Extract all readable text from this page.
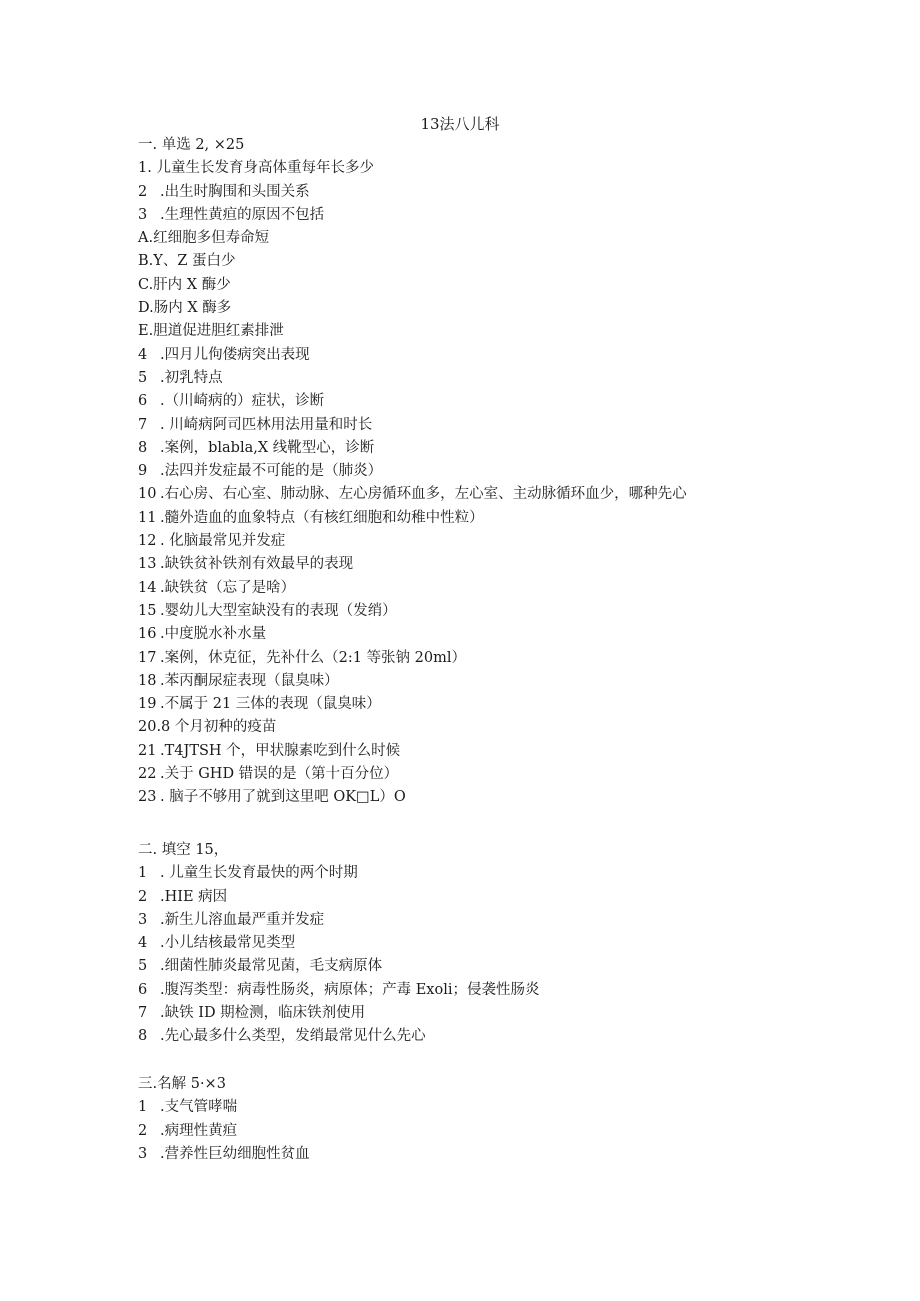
13法八儿科
一. 单选 2, ×25
1. 儿童生长发育身高体重每年长多少
2 .出生时胸围和头围关系
3 .生理性黄疸的原因不包括
A.红细胞多但寿命短
B.Y、Z 蛋白少
C.肝内 X 酶少
D.肠内 X 酶多
E.胆道促进胆红素排泄
4 .四月儿佝偻病突出表现
5 .初乳特点
6 .（川崎病的）症状，诊断
7 . 川崎病阿司匹林用法用量和时长
8 .案例，blabla,X 线靴型心，诊断
9 .法四并发症最不可能的是（肺炎）
10 .右心房、右心室、肺动脉、左心房循环血多，左心室、主动脉循环血少，哪种先心
11 .髓外造血的血象特点（有核红细胞和幼稚中性粒）
12 . 化脑最常见并发症
13 .缺铁贫补铁剂有效最早的表现
14 .缺铁贫（忘了是啥）
15 .婴幼儿大型室缺没有的表现（发绡）
16 .中度脱水补水量
17 .案例，休克征，先补什么（2:1 等张钠 20ml）
18 .苯丙酮尿症表现（鼠臭味）
19 .不属于 21 三体的表现（鼠臭味）
20.8 个月初种的疫苗
21 .T4JTSH 个，甲状腺素吃到什么时候
22 .关于 GHD 错误的是（第十百分位）
23 . 脑子不够用了就到这里吧 OK□L）O
二. 填空 15，
1 . 儿童生长发育最快的两个时期
2 .HIE 病因
3 .新生儿溶血最严重并发症
4 .小儿结核最常见类型
5 .细菌性肺炎最常见菌，毛支病原体
6 .腹泻类型：病毒性肠炎，病原体；产毒 Exoli；侵袭性肠炎
7 .缺铁 ID 期检测，临床铁剂使用
8 .先心最多什么类型，发绡最常见什么先心
三.名解 5·×3
1 .支气管哮喘
2 .病理性黄疸
3 .营养性巨幼细胞性贫血
